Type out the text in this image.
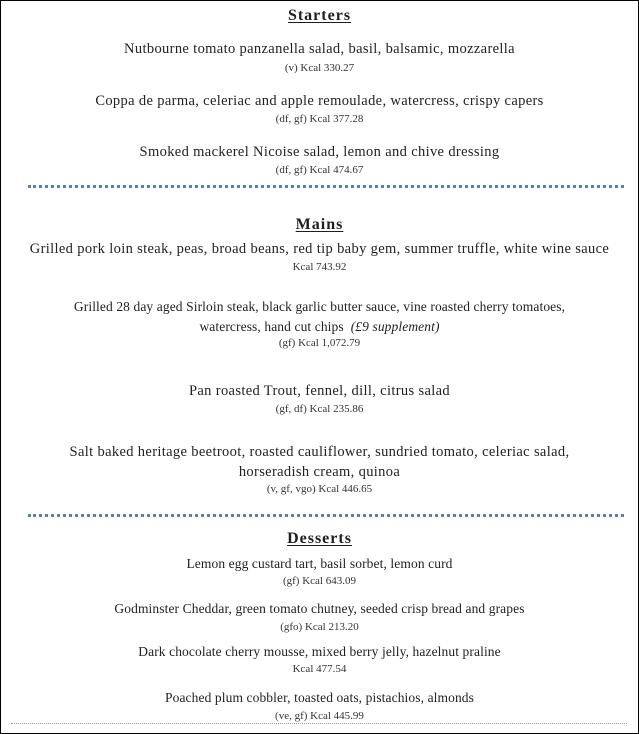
Starters
Nutbourne tomato panzanella salad, basil, balsamic, mozzarella
(v) Kcal 330.27
Coppa de parma, celeriac and apple remoulade, watercress, crispy capers
(df, gf) Kcal 377.28
Smoked mackerel Nicoise salad, lemon and chive dressing
(df, gf) Kcal 474.67
Mains
Grilled pork loin steak, peas, broad beans, red tip baby gem, summer truffle, white wine sauce
Kcal 743.92
Grilled 28 day aged Sirloin steak, black garlic butter sauce, vine roasted cherry tomatoes,
watercress, hand cut chips (£9 supplement)
(gf) Kcal 1,072.79
Pan roasted Trout, fennel, dill, citrus salad
(gf, df) Kcal 235.86
Salt baked heritage beetroot, roasted cauliflower, sundried tomato, celeriac salad,
horseradish cream, quinoa
(v, gf, vgo) Kcal 446.65
Desserts
Lemon egg custard tart, basil sorbet, lemon curd
(gf) Kcal 643.09
Godminster Cheddar, green tomato chutney, seeded crisp bread and grapes
(gfo) Kcal 213.20
Dark chocolate cherry mousse, mixed berry jelly, hazelnut praline
Kcal 477.54
Poached plum cobbler, toasted oats, pistachios, almonds
(ve, gf) Kcal 445.99
